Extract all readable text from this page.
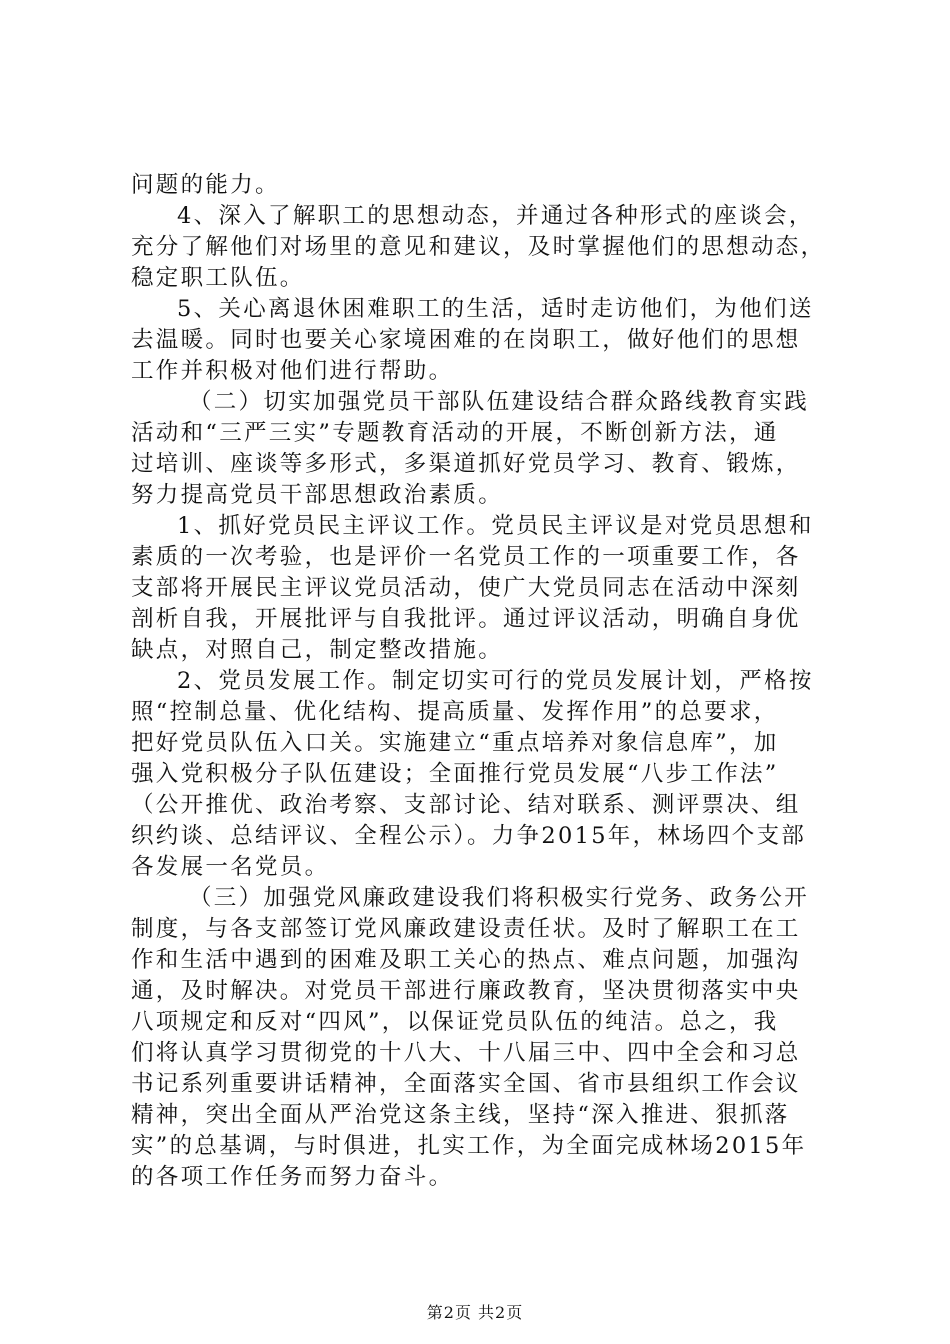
问题的能力。
4、深入了解职工的思想动态，并通过各种形式的座谈会，
充分了解他们对场里的意见和建议，及时掌握他们的思想动态，
稳定职工队伍。
5、关心离退休困难职工的生活，适时走访他们，为他们送
去温暖。同时也要关心家境困难的在岗职工，做好他们的思想
工作并积极对他们进行帮助。
（二）切实加强党员干部队伍建设结合群众路线教育实践
活动和“三严三实”专题教育活动的开展，不断创新方法，通
过培训、座谈等多形式，多渠道抓好党员学习、教育、锻炼，
努力提高党员干部思想政治素质。
1、抓好党员民主评议工作。党员民主评议是对党员思想和
素质的一次考验，也是评价一名党员工作的一项重要工作，各
支部将开展民主评议党员活动，使广大党员同志在活动中深刻
剖析自我，开展批评与自我批评。通过评议活动，明确自身优
缺点，对照自己，制定整改措施。
2、党员发展工作。制定切实可行的党员发展计划，严格按
照“控制总量、优化结构、提高质量、发挥作用”的总要求，
把好党员队伍入口关。实施建立“重点培养对象信息库”，加
强入党积极分子队伍建设；全面推行党员发展“八步工作法”
（公开推优、政治考察、支部讨论、结对联系、测评票决、组
织约谈、总结评议、全程公示）。力争2015年，林场四个支部
各发展一名党员。
（三）加强党风廉政建设我们将积极实行党务、政务公开
制度，与各支部签订党风廉政建设责任状。及时了解职工在工
作和生活中遇到的困难及职工关心的热点、难点问题，加强沟
通，及时解决。对党员干部进行廉政教育，坚决贯彻落实中央
八项规定和反对“四风”，以保证党员队伍的纯洁。总之，我
们将认真学习贯彻党的十八大、十八届三中、四中全会和习总
书记系列重要讲话精神，全面落实全国、省市县组织工作会议
精神，突出全面从严治党这条主线，坚持“深入推进、狠抓落
实”的总基调，与时俱进，扎实工作，为全面完成林场2015年
的各项工作任务而努力奋斗。
第2页 共2页
